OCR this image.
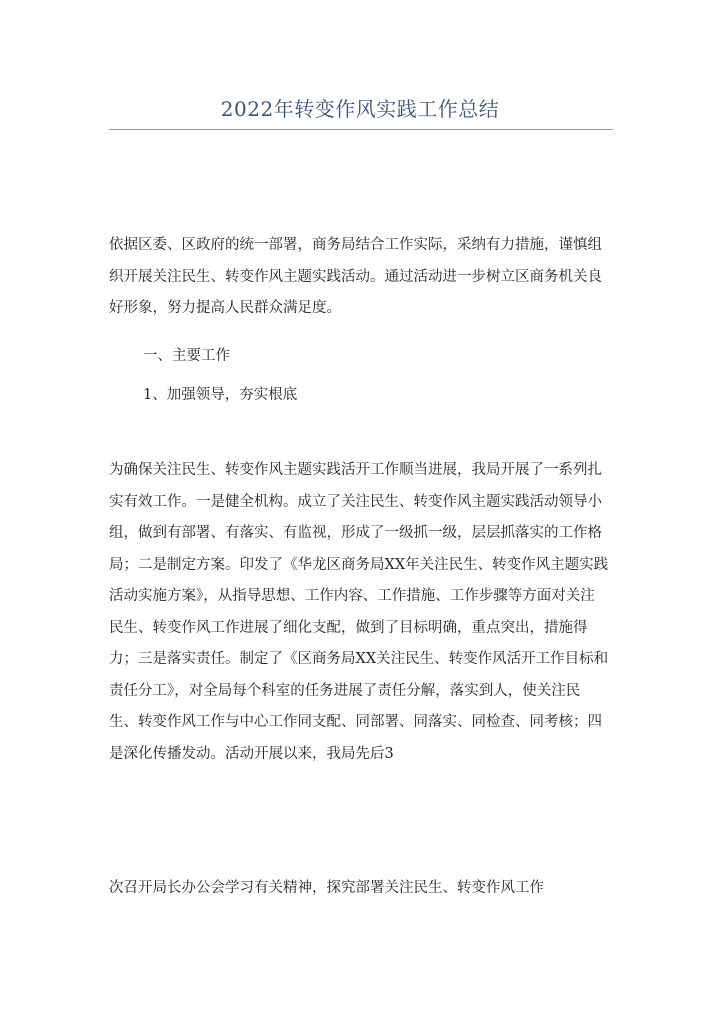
2022年转变作风实践工作总结

依据区委、区政府的统一部署，商务局结合工作实际，采纳有力措施，谨慎组织开展关注民生、转变作风主题实践活动。通过活动进一步树立区商务机关良好形象，努力提高人民群众满足度。

一、主要工作
1、加强领导，夯实根底

为确保关注民生、转变作风主题实践活开工作顺当进展，我局开展了一系列扎实有效工作。一是健全机构。成立了关注民生、转变作风主题实践活动领导小组，做到有部署、有落实、有监视，形成了一级抓一级，层层抓落实的工作格局；二是制定方案。印发了《华龙区商务局XX年关注民生、转变作风主题实践活动实施方案》，从指导思想、工作内容、工作措施、工作步骤等方面对关注民生、转变作风工作进展了细化支配，做到了目标明确，重点突出，措施得力；三是落实责任。制定了《区商务局XX关注民生、转变作风活开工作目标和责任分工》，对全局每个科室的任务进展了责任分解，落实到人，使关注民生、转变作风工作与中心工作同支配、同部署、同落实、同检查、同考核；四是深化传播发动。活动开展以来，我局先后3

次召开局长办公会学习有关精神，探究部署关注民生、转变作风工作
